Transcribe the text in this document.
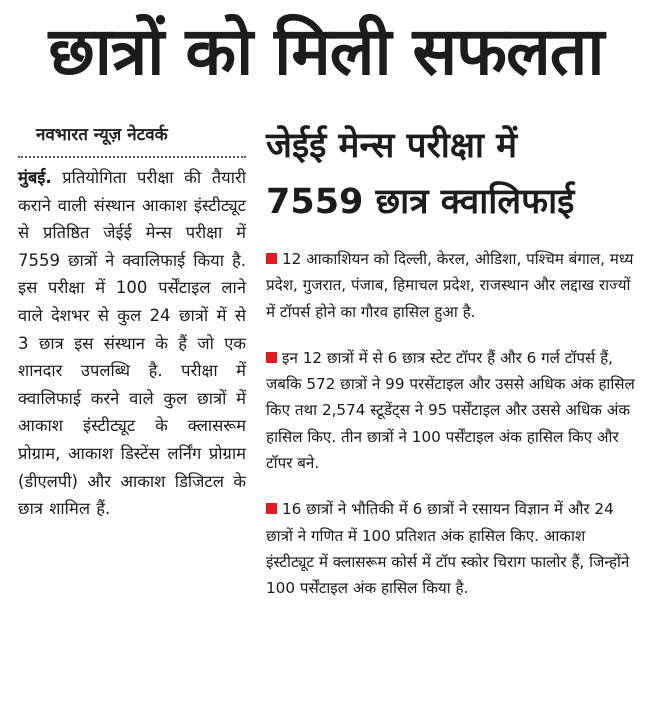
छात्रों को मिली सफलता
नवभारत न्यूज़ नेटवर्क
मुंबई. प्रतियोगिता परीक्षा की तैयारी कराने वाली संस्थान आकाश इंस्टीट्यूट से प्रतिष्ठित जेईई मेन्स परीक्षा में 7559 छात्रों ने क्वालिफाई किया है. इस परीक्षा में 100 पर्सेंटाइल लाने वाले देशभर से कुल 24 छात्रों में से 3 छात्र इस संस्थान के हैं जो एक शानदार उपलब्धि है. परीक्षा में क्वालिफाई करने वाले कुल छात्रों में आकाश इंस्टीट्यूट के क्लासरूम प्रोग्राम, आकाश डिस्टेंस लर्निंग प्रोग्राम (डीएलपी) और आकाश डिजिटल के छात्र शामिल हैं.
जेईई मेन्स परीक्षा में
7559 छात्र क्वालिफाई
12 आकाशियन को दिल्ली, केरल, ओडिशा, पश्चिम बंगाल, मध्य प्रदेश, गुजरात, पंजाब, हिमाचल प्रदेश, राजस्थान और लद्दाख राज्यों में टॉपर्स होने का गौरव हासिल हुआ है.
इन 12 छात्रों में से 6 छात्र स्टेट टॉपर हैं और 6 गर्ल टॉपर्स हैं, जबकि 572 छात्रों ने 99 परसेंटाइल और उससे अधिक अंक हासिल किए तथा 2,574 स्टूडेंट्स ने 95 पर्सेंटाइल और उससे अधिक अंक हासिल किए. तीन छात्रों ने 100 पर्सेंटाइल अंक हासिल किए और टॉपर बने.
16 छात्रों ने भौतिकी में 6 छात्रों ने रसायन विज्ञान में और 24 छात्रों ने गणित में 100 प्रतिशत अंक हासिल किए. आकाश इंस्टीट्यूट में क्लासरूम कोर्स में टॉप स्कोर चिराग फालोर हैं, जिन्होंने 100 पर्सेंटाइल अंक हासिल किया है.
